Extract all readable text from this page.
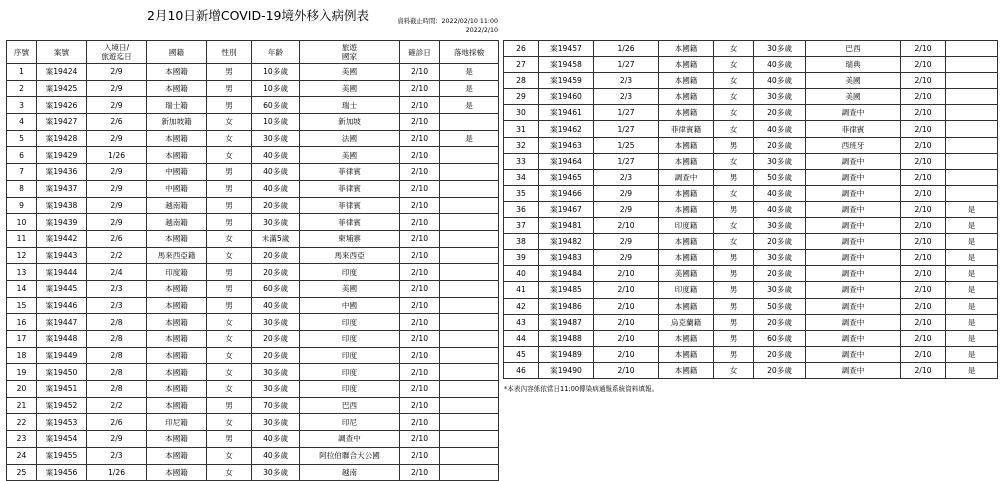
2月10日新增COVID-19境外移入病例表	資料截止時間：2022/02/10 11:00
2022/2/10
序號	案號	入境日/
旅遊迄日	國籍	性別	年齡	旅遊
國家	確診日	落地採檢
1	案19424	2/9	本國籍	男	10多歲	美國	2/10	是
2	案19425	2/9	本國籍	男	10多歲	美國	2/10	是
3	案19426	2/9	瑞士籍	男	60多歲	瑞士	2/10	是
4	案19427	2/6	新加坡籍	女	10多歲	新加坡	2/10	
5	案19428	2/9	本國籍	女	30多歲	法國	2/10	是
6	案19429	1/26	本國籍	女	40多歲	美國	2/10	
7	案19436	2/9	中國籍	男	40多歲	菲律賓	2/10	
8	案19437	2/9	中國籍	男	40多歲	菲律賓	2/10	
9	案19438	2/9	越南籍	男	20多歲	菲律賓	2/10	
10	案19439	2/9	越南籍	男	30多歲	菲律賓	2/10	
11	案19442	2/6	本國籍	女	未滿5歲	柬埔寨	2/10	
12	案19443	2/2	馬來西亞籍	女	20多歲	馬來西亞	2/10	
13	案19444	2/4	印度籍	男	20多歲	印度	2/10	
14	案19445	2/3	本國籍	男	60多歲	美國	2/10	
15	案19446	2/3	本國籍	男	40多歲	中國	2/10	
16	案19447	2/8	本國籍	女	30多歲	印度	2/10	
17	案19448	2/8	本國籍	女	20多歲	印度	2/10	
18	案19449	2/8	本國籍	女	20多歲	印度	2/10	
19	案19450	2/8	本國籍	女	30多歲	印度	2/10	
20	案19451	2/8	本國籍	女	30多歲	印度	2/10	
21	案19452	2/2	本國籍	男	70多歲	巴西	2/10	
22	案19453	2/6	印尼籍	女	30多歲	印尼	2/10	
23	案19454	2/9	本國籍	男	40多歲	調查中	2/10	
24	案19455	2/3	本國籍	女	40多歲	阿拉伯聯合大公國	2/10	
25	案19456	1/26	本國籍	女	30多歲	越南	2/10	
26	案19457	1/26	本國籍	女	30多歲	巴西	2/10	
27	案19458	1/27	本國籍	女	40多歲	瑞典	2/10	
28	案19459	2/3	本國籍	女	40多歲	美國	2/10	
29	案19460	2/3	本國籍	女	30多歲	美國	2/10	
30	案19461	1/27	本國籍	女	20多歲	調查中	2/10	
31	案19462	1/27	菲律賓籍	女	40多歲	菲律賓	2/10	
32	案19463	1/25	本國籍	男	20多歲	西班牙	2/10	
33	案19464	1/27	本國籍	女	30多歲	調查中	2/10	
34	案19465	2/3	調查中	男	50多歲	調查中	2/10	
35	案19466	2/9	本國籍	女	40多歲	調查中	2/10	
36	案19467	2/9	本國籍	男	40多歲	調查中	2/10	是
37	案19481	2/10	印度籍	女	30多歲	調查中	2/10	是
38	案19482	2/9	本國籍	女	20多歲	調查中	2/10	是
39	案19483	2/9	本國籍	男	30多歲	調查中	2/10	是
40	案19484	2/10	美國籍	男	20多歲	調查中	2/10	是
41	案19485	2/10	印度籍	男	30多歲	調查中	2/10	是
42	案19486	2/10	本國籍	男	50多歲	調查中	2/10	是
43	案19487	2/10	烏克蘭籍	男	20多歲	調查中	2/10	是
44	案19488	2/10	本國籍	男	60多歲	調查中	2/10	是
45	案19489	2/10	本國籍	男	20多歲	調查中	2/10	是
46	案19490	2/10	本國籍	女	20多歲	調查中	2/10	是
*本表內容係依當日11:00傳染病通報系統資料填報。
